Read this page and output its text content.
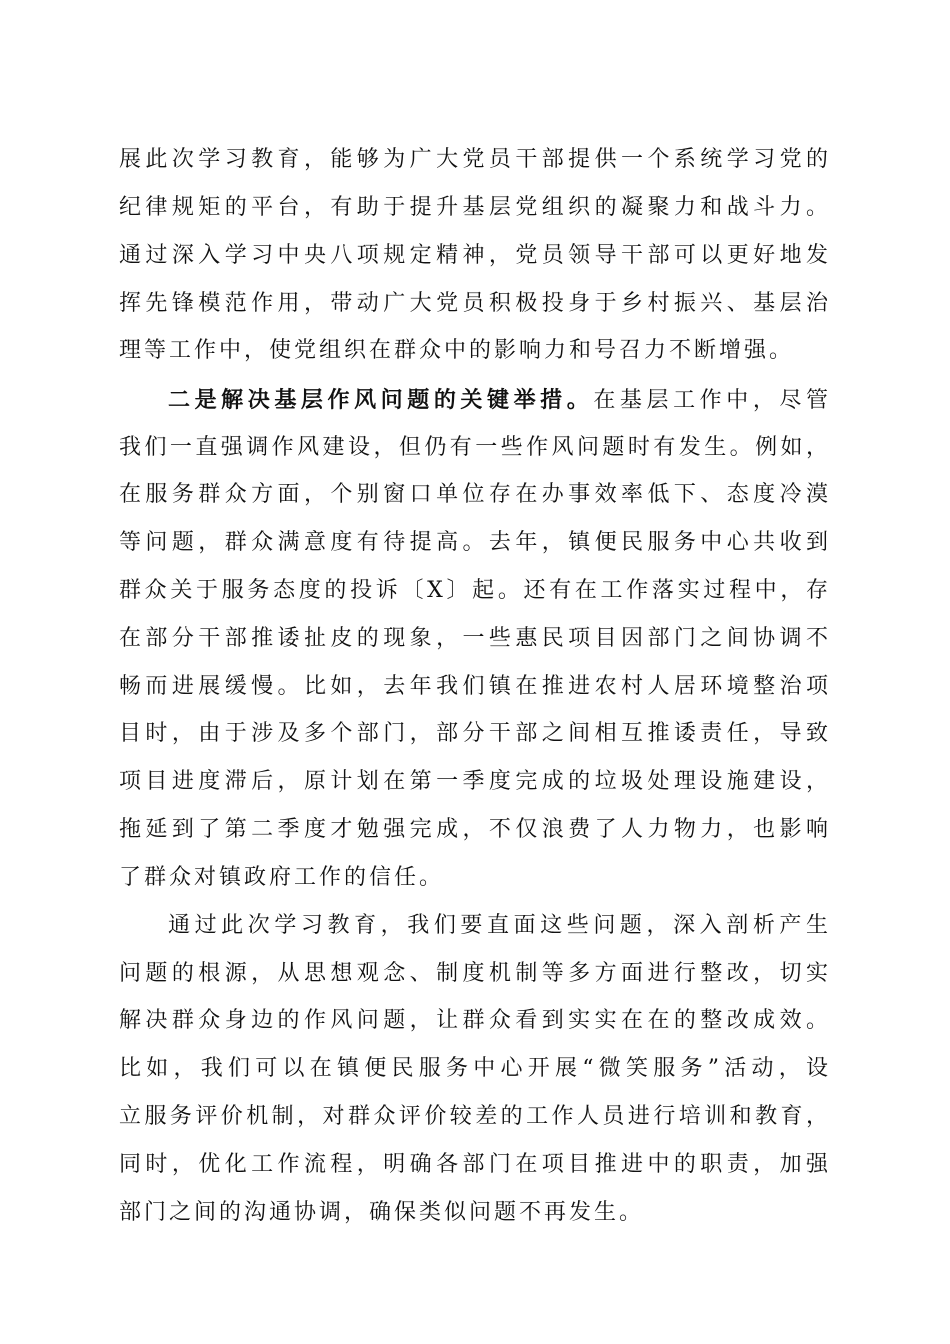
展此次学习教育，能够为广大党员干部提供一个系统学习党的
纪律规矩的平台，有助于提升基层党组织的凝聚力和战斗力。
通过深入学习中央八项规定精神，党员领导干部可以更好地发
挥先锋模范作用，带动广大党员积极投身于乡村振兴、基层治
理等工作中，使党组织在群众中的影响力和号召力不断增强。
二是解决基层作风问题的关键举措。在基层工作中，尽管
我们一直强调作风建设，但仍有一些作风问题时有发生。例如，
在服务群众方面，个别窗口单位存在办事效率低下、态度冷漠
等问题，群众满意度有待提高。去年，镇便民服务中心共收到
群众关于服务态度的投诉〔X〕起。还有在工作落实过程中，存
在部分干部推诿扯皮的现象，一些惠民项目因部门之间协调不
畅而进展缓慢。比如，去年我们镇在推进农村人居环境整治项
目时，由于涉及多个部门，部分干部之间相互推诿责任，导致
项目进度滞后，原计划在第一季度完成的垃圾处理设施建设，
拖延到了第二季度才勉强完成，不仅浪费了人力物力，也影响
了群众对镇政府工作的信任。
通过此次学习教育，我们要直面这些问题，深入剖析产生
问题的根源，从思想观念、制度机制等多方面进行整改，切实
解决群众身边的作风问题，让群众看到实实在在的整改成效。
比如，我们可以在镇便民服务中心开展“微笑服务”活动，设
立服务评价机制，对群众评价较差的工作人员进行培训和教育，
同时，优化工作流程，明确各部门在项目推进中的职责，加强
部门之间的沟通协调，确保类似问题不再发生。
